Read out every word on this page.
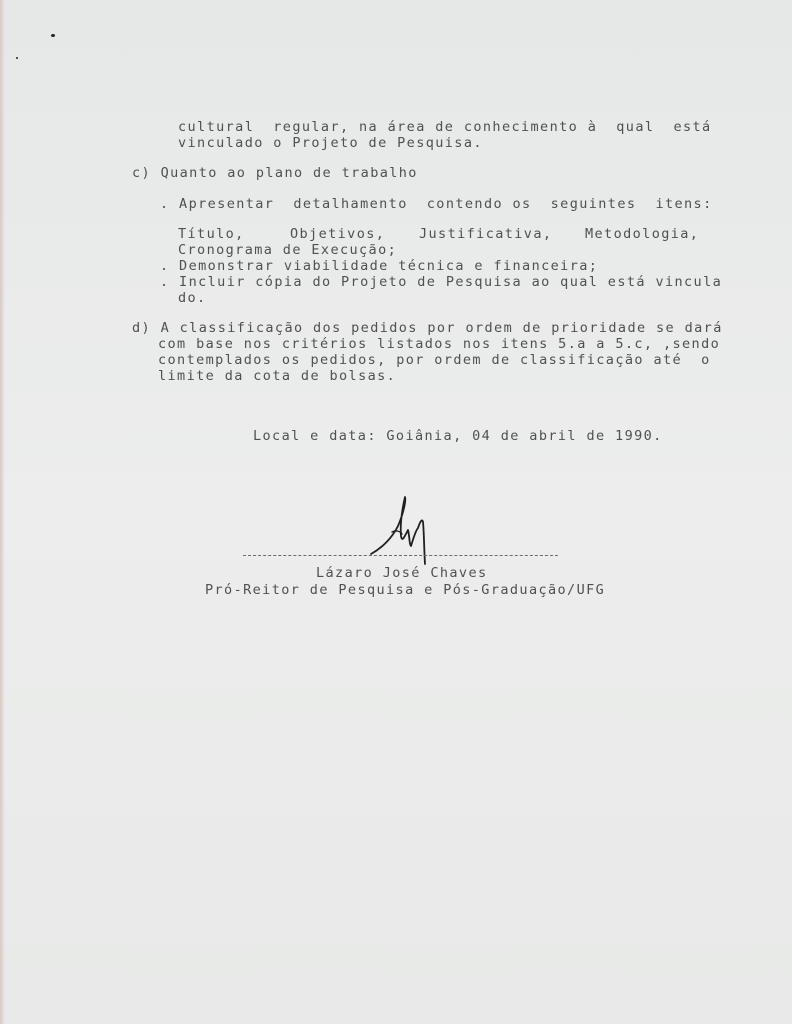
cultural  regular, na área de conhecimento à  qual  está
vinculado o Projeto de Pesquisa.
c) Quanto ao plano de trabalho
. Apresentar  detalhamento  contendo os  seguintes  itens:
Título,	Objetivos, Justificativa, Metodologia,
Cronograma de Execução;
. Demonstrar viabilidade técnica e financeira;
. Incluir cópia do Projeto de Pesquisa ao qual está vincula
do.
d) A classificação dos pedidos por ordem de prioridade se dará
com base nos critérios listados nos itens 5.a a 5.c, ,sendo
contemplados os pedidos, por ordem de classificação até  o
limite da cota de bolsas.
Local e data: Goiânia, 04 de abril de 1990.
Lázaro José Chaves
Pró-Reitor de Pesquisa e Pós-Graduação/UFG
